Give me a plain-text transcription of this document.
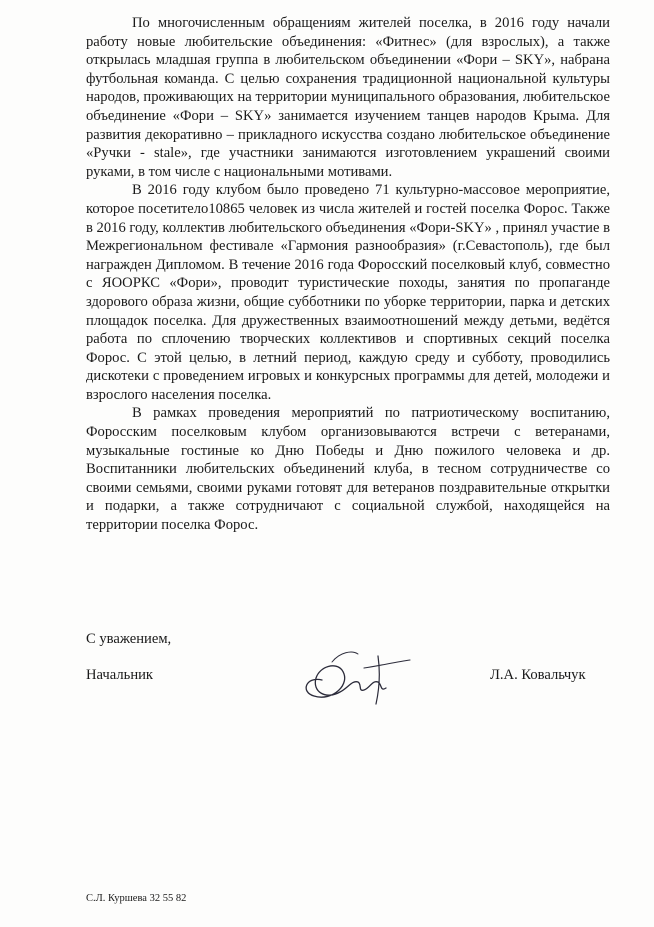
По многочисленным обращениям жителей поселка, в 2016 году начали работу новые любительские объединения: «Фитнес» (для взрослых), а также открылась младшая группа в любительском объединении «Фори – SKY», набрана футбольная команда. С целью сохранения традиционной национальной культуры народов, проживающих на территории муниципального образования, любительское объединение «Фори – SKY» занимается изучением танцев народов Крыма. Для развития декоративно – прикладного искусства создано любительское объединение «Ручки - stale», где участники занимаются изготовлением украшений своими руками, в том числе с национальными мотивами.

В 2016 году клубом было проведено 71 культурно-массовое мероприятие, которое посетитело10865 человек из числа жителей и гостей поселка Форос. Также в 2016 году, коллектив любительского объединения «Фори-SKY» , принял участие в Межрегиональном фестивале «Гармония разнообразия» (г.Севастополь), где был награжден Дипломом. В течение 2016 года Форосский поселковый клуб, совместно с ЯООРКС «Фори», проводит туристические походы, занятия по пропаганде здорового образа жизни, общие субботники по уборке территории, парка и детских площадок поселка. Для дружественных взаимоотношений между детьми, ведётся работа по сплочению творческих коллективов и спортивных секций поселка Форос. С этой целью, в летний период, каждую среду и субботу, проводились дискотеки с проведением игровых и конкурсных программы для детей, молодежи и взрослого населения поселка.

В рамках проведения мероприятий по патриотическому воспитанию, Форосским поселковым клубом организовываются встречи с ветеранами, музыкальные гостиные ко Дню Победы и Дню пожилого человека и др. Воспитанники любительских объединений клуба, в тесном сотрудничестве со своими семьями, своими руками готовят для ветеранов поздравительные открытки и подарки, а также сотрудничают с социальной службой, находящейся на территории поселка Форос.

С уважением,
Начальник	Л.А. Ковальчук
С.Л. Куршева 32 55 82
